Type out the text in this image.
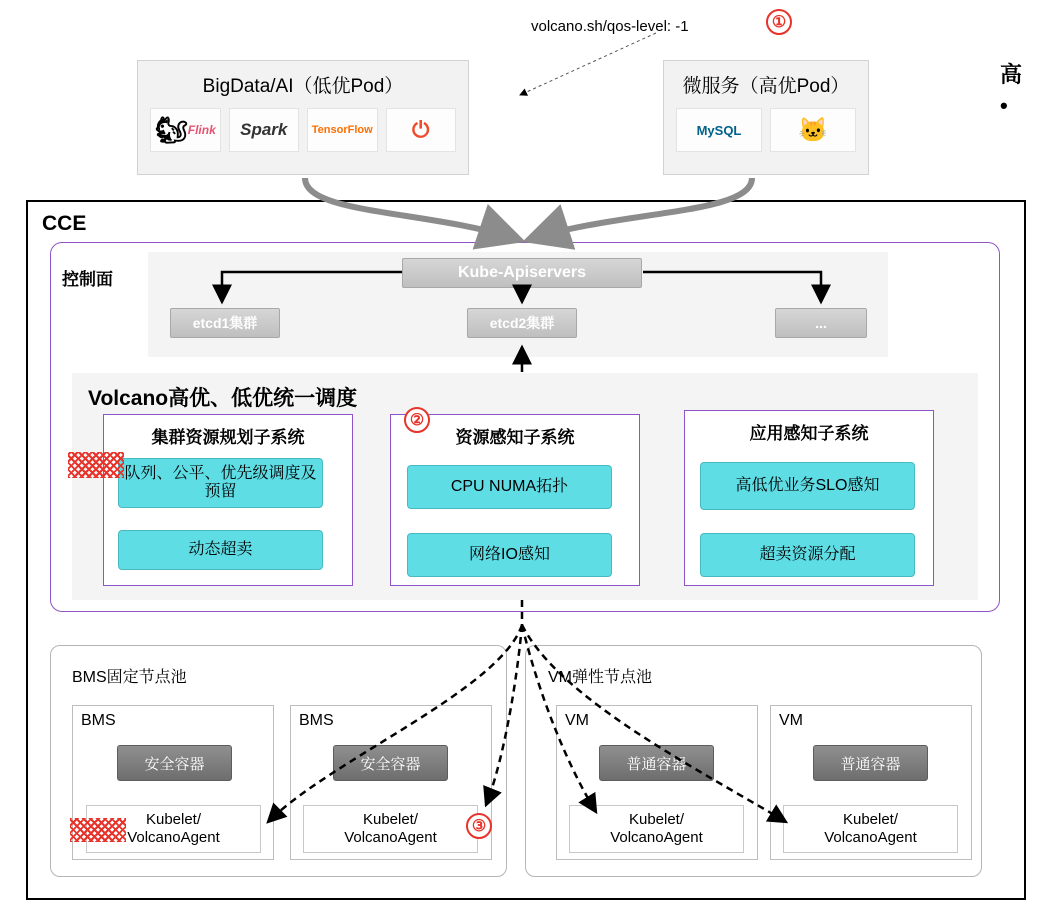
volcano.sh/qos-level: -1	①
BigData/AI（低优Pod）
🐿 Flink Spark TensorFlow ⏻
微服务（高优Pod）
MySQL 🐱
CCE
控制面	Kube-Apiservers
etcd1集群	etcd2集群	...
Volcano高优、低优统一调度
集群资源规划子系统
队列、公平、优先级调度及预留
动态超卖
资源感知子系统
CPU NUMA拓扑
网络IO感知
应用感知子系统
高低优业务SLO感知
超卖资源分配
②
BMS固定节点池	VM弹性节点池
BMS
安全容器
Kubelet/
VolcanoAgent
BMS
安全容器
Kubelet/
VolcanoAgent
③
VM
普通容器
Kubelet/
VolcanoAgent
VM
普通容器
Kubelet/
VolcanoAgent
高
•
